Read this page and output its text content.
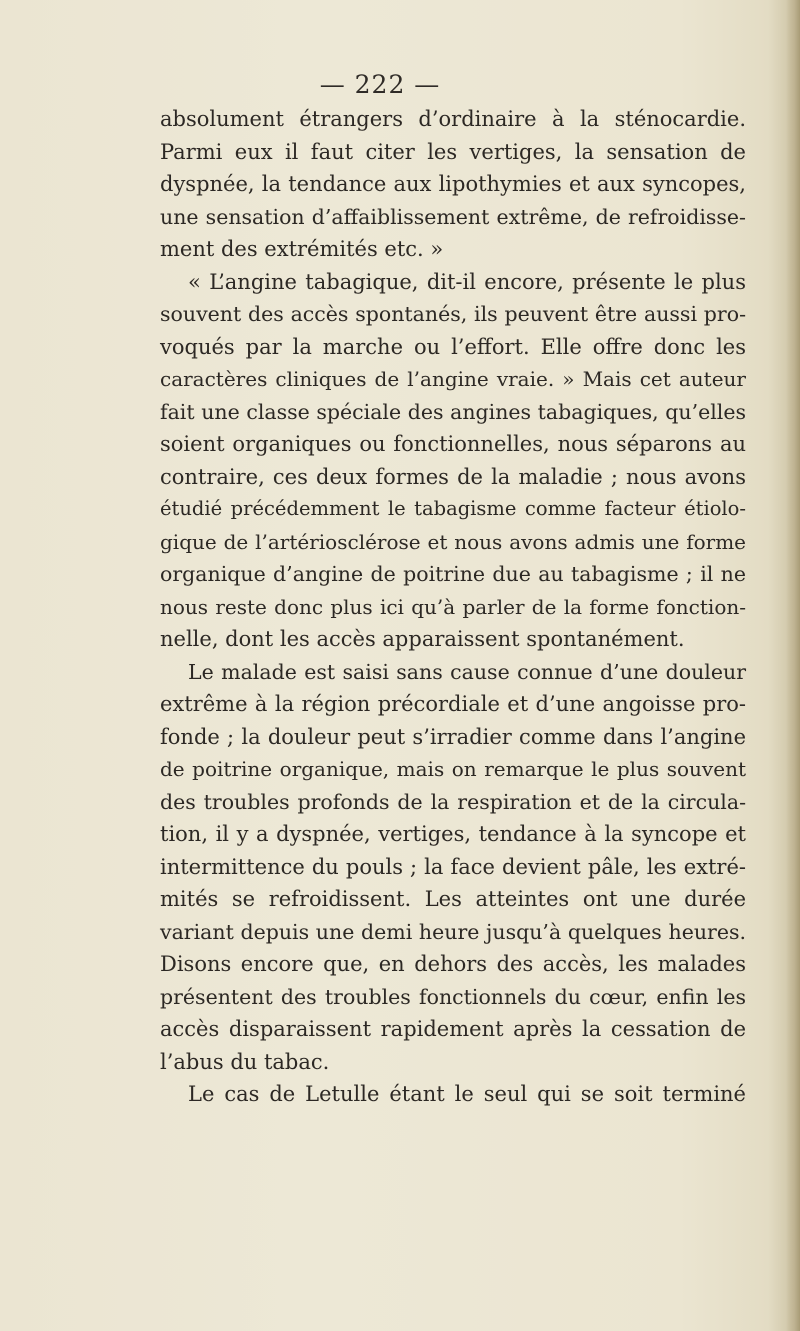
— 222 —
absolument étrangers d’ordinaire à la sténocardie.
Parmi eux il faut citer les vertiges, la sensation de
dyspnée, la tendance aux lipothymies et aux syncopes,
une sensation d’affaiblissement extrême, de refroidisse-
ment des extrémités etc. »
« L’angine tabagique, dit-il encore, présente le plus
souvent des accès spontanés, ils peuvent être aussi pro-
voqués par la marche ou l’effort. Elle offre donc les
caractères cliniques de l’angine vraie. » Mais cet auteur
fait une classe spéciale des angines tabagiques, qu’elles
soient organiques ou fonctionnelles, nous séparons au
contraire, ces deux formes de la maladie ; nous avons
étudié précédemment le tabagisme comme facteur étiolo-
gique de l’artériosclérose et nous avons admis une forme
organique d’angine de poitrine due au tabagisme ; il ne
nous reste donc plus ici qu’à parler de la forme fonction-
nelle, dont les accès apparaissent spontanément.
Le malade est saisi sans cause connue d’une douleur
extrême à la région précordiale et d’une angoisse pro-
fonde ; la douleur peut s’irradier comme dans l’angine
de poitrine organique, mais on remarque le plus souvent
des troubles profonds de la respiration et de la circula-
tion, il y a dyspnée, vertiges, tendance à la syncope et
intermittence du pouls ; la face devient pâle, les extré-
mités se refroidissent. Les atteintes ont une durée
variant depuis une demi heure jusqu’à quelques heures.
Disons encore que, en dehors des accès, les malades
présentent des troubles fonctionnels du cœur, enfin les
accès disparaissent rapidement après la cessation de
l’abus du tabac.
Le cas de Letulle étant le seul qui se soit terminé
